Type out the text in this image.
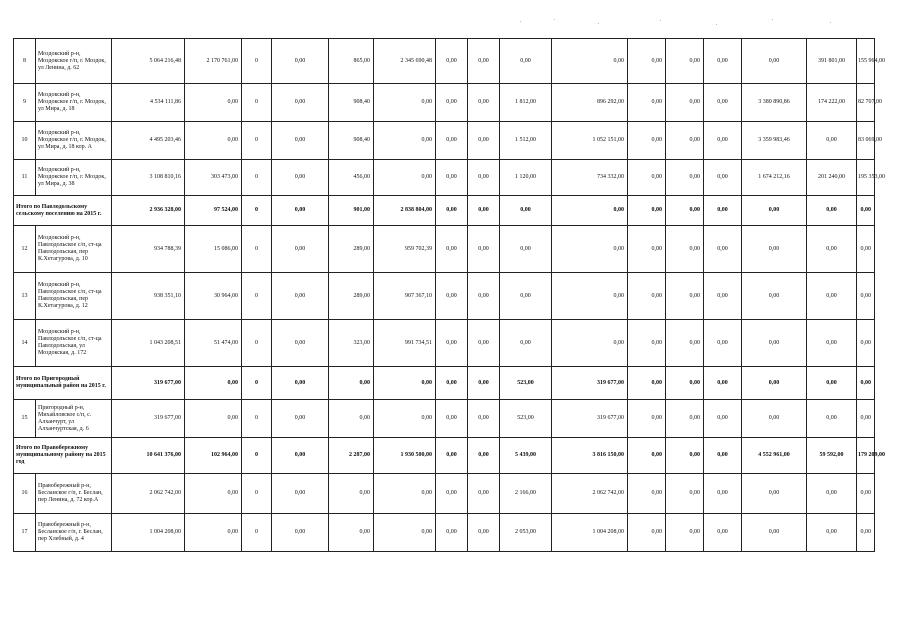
8	Моздокский р-н, Моздокское г/п, г. Моздок, ул Ленина, д. 62	5 064 216,48	2 170 761,00	0	0,00	865,00	2 345 690,48	0,00	0,00	0,00	0,00	0,00	0,00	0,00	0,00	391 801,00	155 964,00
9	Моздокский р-н, Моздокское г/п, г. Моздок, ул Мира, д. 18	4 534 111,86	0,00	0	0,00	908,40	0,00	0,00	0,00	1 812,00	896 292,00	0,00	0,00	0,00	3 380 890,86	174 222,00	82 707,00
10	Моздокский р-н, Моздокское г/п, г. Моздок, ул Мира, д. 18 кор. А	4 495 203,46	0,00	0	0,00	908,40	0,00	0,00	0,00	1 512,00	1 052 151,00	0,00	0,00	0,00	3 359 983,46	0,00	83 069,00
11	Моздокский р-н, Моздокское г/п, г. Моздок, ул Мира, д. 38	3 108 810,16	303 473,00	0	0,00	456,00	0,00	0,00	0,00	1 120,00	734 332,00	0,00	0,00	0,00	1 674 212,16	201 240,00	195 353,00
Итого по Павлодольскому сельскому поселению на 2015 г.		2 936 328,00	97 524,00	0	0,00	901,00	2 838 804,00	0,00	0,00	0,00	0,00	0,00	0,00	0,00	0,00	0,00	0,00
12	Моздокский р-н, Павлодольское с/п, ст-ца Павлодольская, пер К.Хетагурова, д. 10	934 788,39	15 086,00	0	0,00	289,00	959 702,39	0,00	0,00	0,00	0,00	0,00	0,00	0,00	0,00	0,00	0,00
13	Моздокский р-н, Павлодольское с/п, ст-ца Павлодольская, пер К.Хетагурова, д. 12	938 351,10	30 964,00	0	0,00	289,00	907 367,10	0,00	0,00	0,00	0,00	0,00	0,00	0,00	0,00	0,00	0,00
14	Моздокский р-н, Павлодольское с/п, ст-ца Павлодольская, ул Моздокская, д. 172	1 043 208,51	51 474,00	0	0,00	323,00	991 734,51	0,00	0,00	0,00	0,00	0,00	0,00	0,00	0,00	0,00	0,00
Итого по Пригородный муниципальный район на 2015 г.		319 677,00	0,00	0	0,00	0,00	0,00	0,00	0,00	523,00	319 677,00	0,00	0,00	0,00	0,00	0,00	0,00
15	Пригородный р-н, Михайловское с/п, с. Алханчурт, ул Алханчуртская, д. 6	319 677,00	0,00	0	0,00	0,00	0,00	0,00	0,00	523,00	319 677,00	0,00	0,00	0,00	0,00	0,00	0,00
Итого по Правобережному муниципальному району на 2015 год		10 641 376,00	102 964,00	0	0,00	2 287,00	1 930 500,00	0,00	0,00	5 439,00	3 816 150,00	0,00	0,00	0,00	4 552 961,00	59 592,00	179 209,00
16	Правобережный р-н, Бесланское г/п, г. Беслан, пер Ленина, д. 72 кор.А	2 062 742,00	0,00	0	0,00	0,00	0,00	0,00	0,00	2 166,00	2 062 742,00	0,00	0,00	0,00	0,00	0,00	0,00
17	Правобережный р-н, Бесланское г/п, г. Беслан, пер Хлебный, д. 4	1 004 208,00	0,00	0	0,00	0,00	0,00	0,00	0,00	2 053,00	1 004 208,00	0,00	0,00	0,00	0,00	0,00	0,00
